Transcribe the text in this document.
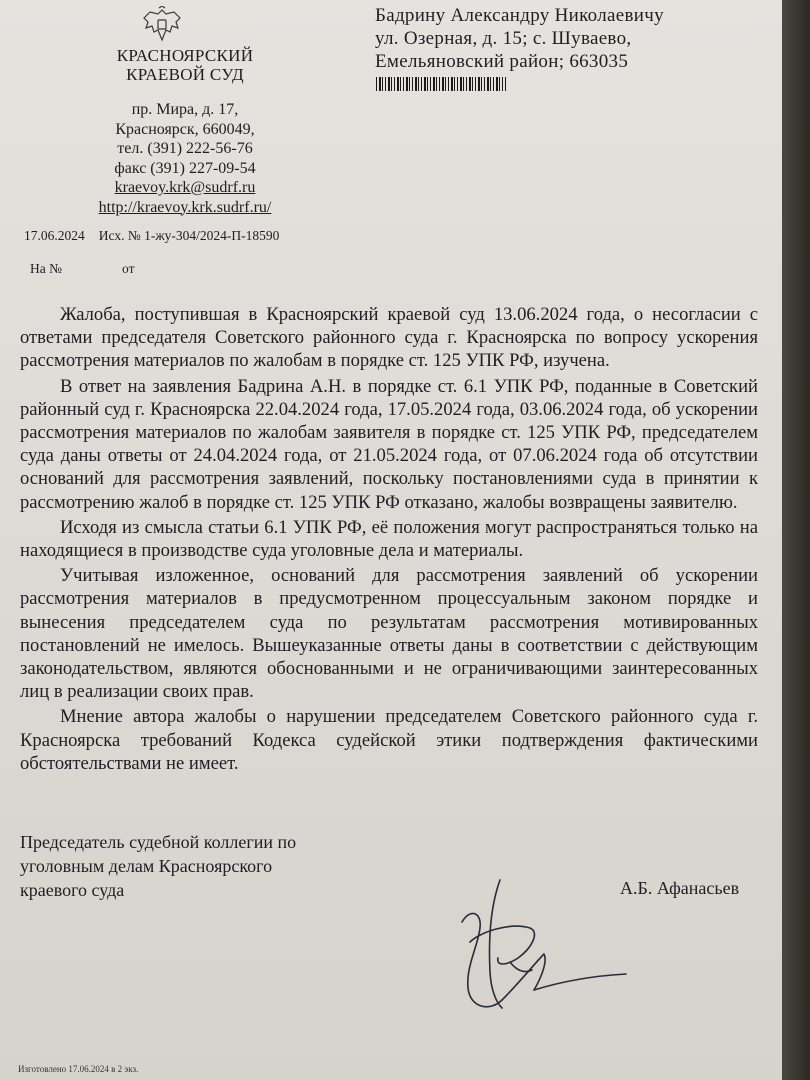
КРАСНОЯРСКИЙ
КРАЕВОЙ СУД
пр. Мира, д. 17,
Красноярск, 660049,
тел. (391) 222-56-76
факс (391) 227-09-54
kraevoy.krk@sudrf.ru
http://kraevoy.krk.sudrf.ru/
17.06.2024 Исх. № 1-жу-304/2024-П-18590
На №	от
Бадрину Александру Николаевичу
ул. Озерная, д. 15; с. Шуваево,
Емельяновский район; 663035

Жалоба, поступившая в Красноярский краевой суд 13.06.2024 года, о несогласии с ответами председателя Советского районного суда г. Красноярска по вопросу ускорения рассмотрения материалов по жалобам в порядке ст. 125 УПК РФ, изучена.

В ответ на заявления Бадрина А.Н. в порядке ст. 6.1 УПК РФ, поданные в Советский районный суд г. Красноярска 22.04.2024 года, 17.05.2024 года, 03.06.2024 года, об ускорении рассмотрения материалов по жалобам заявителя в порядке ст. 125 УПК РФ, председателем суда даны ответы от 24.04.2024 года, от 21.05.2024 года, от 07.06.2024 года об отсутствии оснований для рассмотрения заявлений, поскольку постановлениями суда в принятии к рассмотрению жалоб в порядке ст. 125 УПК РФ отказано, жалобы возвращены заявителю.

Исходя из смысла статьи 6.1 УПК РФ, её положения могут распространяться только на находящиеся в производстве суда уголовные дела и материалы.

Учитывая изложенное, оснований для рассмотрения заявлений об ускорении рассмотрения материалов в предусмотренном процессуальным законом порядке и вынесения председателем суда по результатам рассмотрения мотивированных постановлений не имелось. Вышеуказанные ответы даны в соответствии с действующим законодательством, являются обоснованными и не ограничивающими заинтересованных лиц в реализации своих прав.

Мнение автора жалобы о нарушении председателем Советского районного суда г. Красноярска требований Кодекса судейской этики подтверждения фактическими обстоятельствами не имеет.

Председатель судебной коллегии по
уголовным делам Красноярского
краевого суда	А.Б. Афанасьев
Изготовлено 17.06.2024 в 2 экз.
